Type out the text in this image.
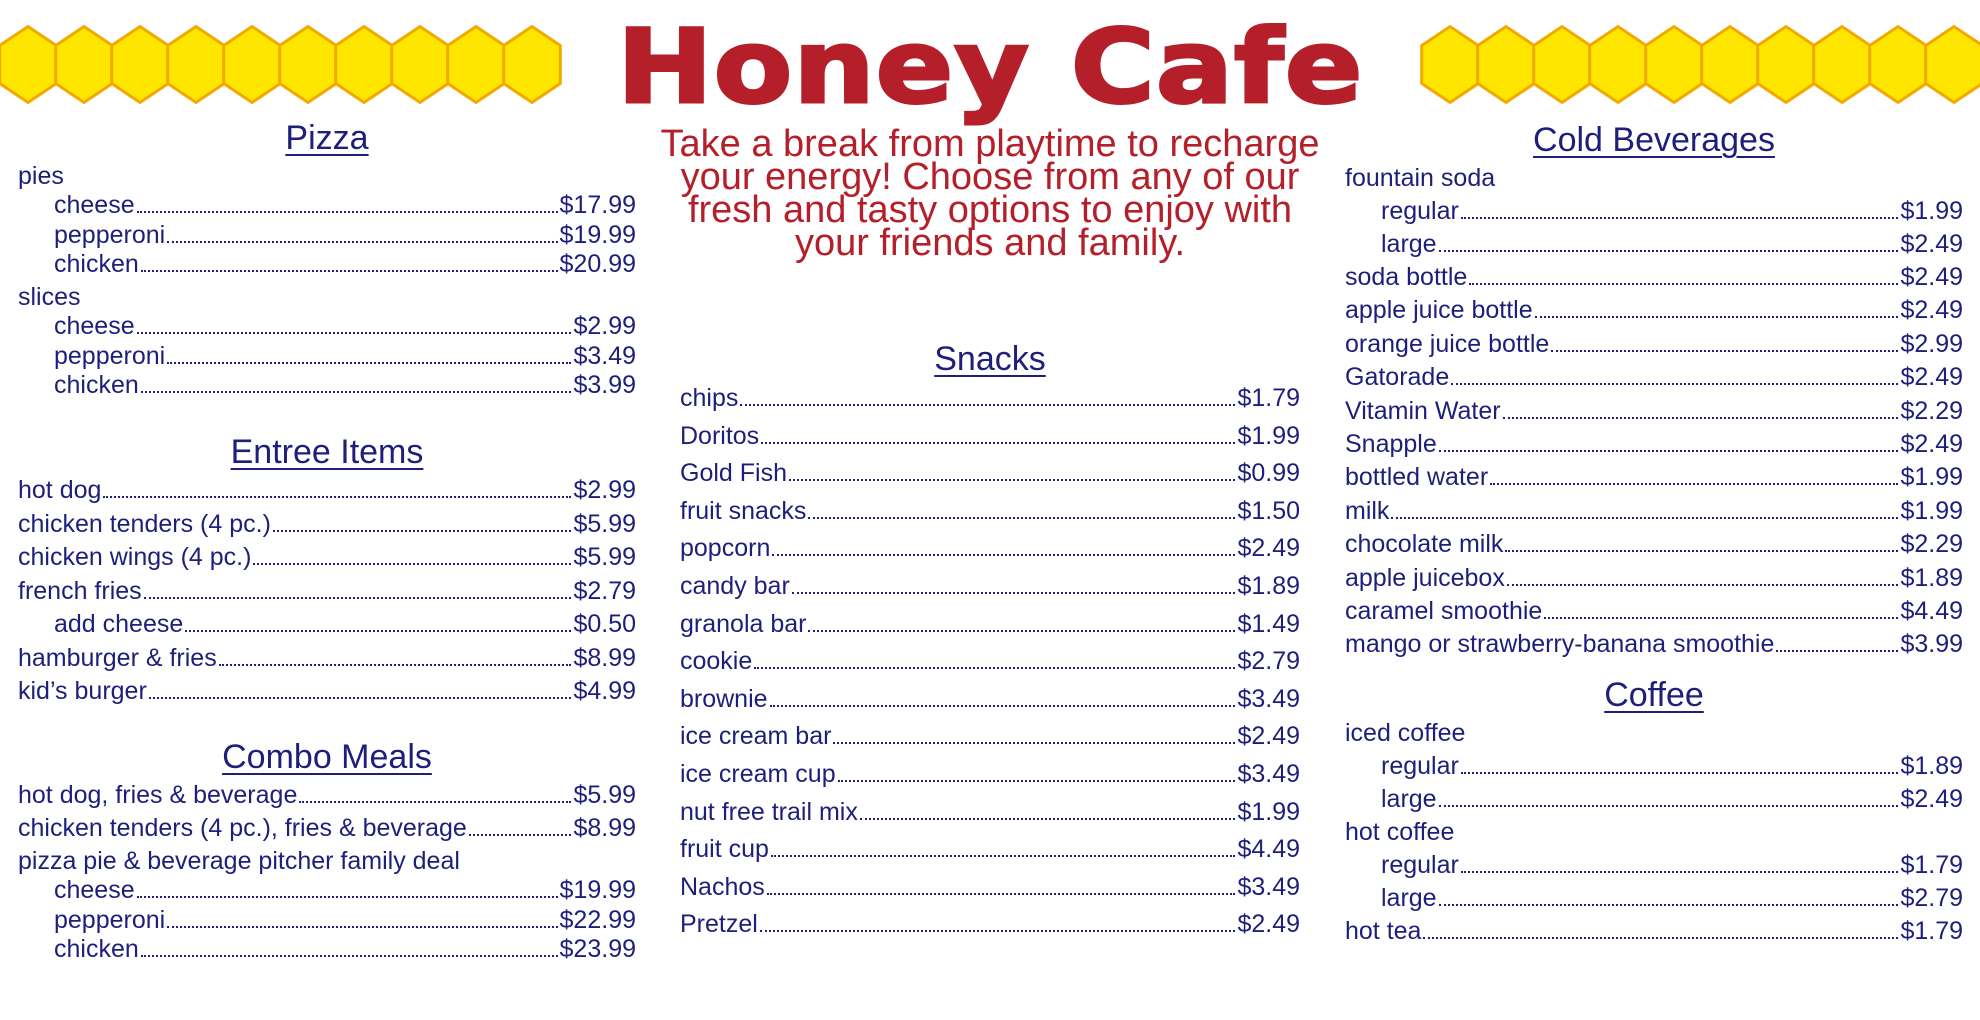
Honey Cafe
Take a break from playtime to recharge your energy! Choose from any of our fresh and tasty options to enjoy with your friends and family.
Pizza
pies
cheese	$17.99
pepperoni	$19.99
chicken	$20.99
slices
cheese	$2.99
pepperoni	$3.49
chicken	$3.99
Entree Items
hot dog	$2.99
chicken tenders (4 pc.)	$5.99
chicken wings (4 pc.)	$5.99
french fries	$2.79
add cheese	$0.50
hamburger & fries	$8.99
kid’s burger	$4.99
Combo Meals
hot dog, fries & beverage	$5.99
chicken tenders (4 pc.), fries & beverage	$8.99
pizza pie & beverage pitcher family deal
cheese	$19.99
pepperoni	$22.99
chicken	$23.99
Snacks
chips	$1.79
Doritos	$1.99
Gold Fish	$0.99
fruit snacks	$1.50
popcorn	$2.49
candy bar	$1.89
granola bar	$1.49
cookie	$2.79
brownie	$3.49
ice cream bar	$2.49
ice cream cup	$3.49
nut free trail mix	$1.99
fruit cup	$4.49
Nachos	$3.49
Pretzel	$2.49
Cold Beverages
fountain soda
regular	$1.99
large	$2.49
soda bottle	$2.49
apple juice bottle	$2.49
orange juice bottle	$2.99
Gatorade	$2.49
Vitamin Water	$2.29
Snapple	$2.49
bottled water	$1.99
milk	$1.99
chocolate milk	$2.29
apple juicebox	$1.89
caramel smoothie	$4.49
mango or strawberry-banana smoothie	$3.99
Coffee
iced coffee
regular	$1.89
large	$2.49
hot coffee
regular	$1.79
large	$2.79
hot tea	$1.79
